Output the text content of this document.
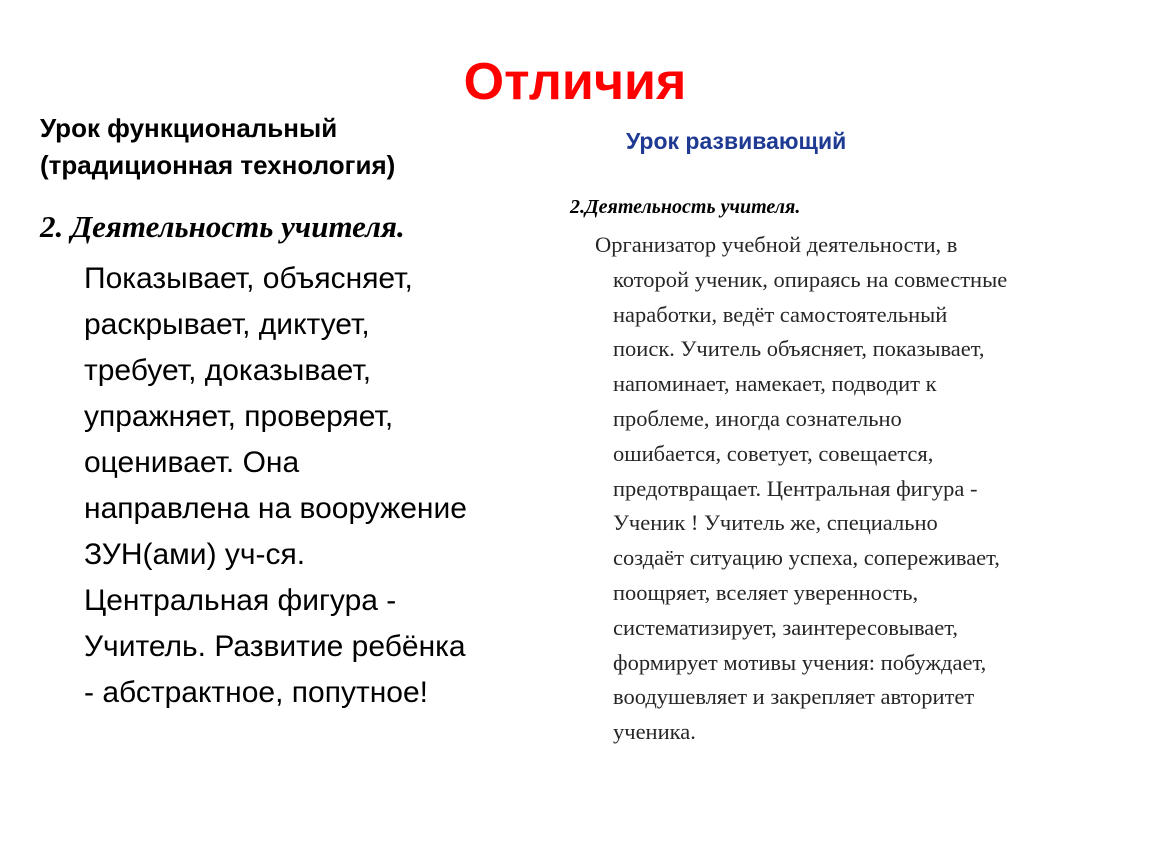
Отличия
Урок функциональный
(традиционная технология)
Урок развивающий
2. Деятельность учителя.

Показывает, объясняет,
раскрывает, диктует,
требует, доказывает,
упражняет, проверяет,
оценивает. Она
направлена на вооружение
ЗУН(ами) уч-ся.
Центральная фигура -
Учитель. Развитие ребёнка
- абстрактное, попутное!

2.Деятельность учителя.
Организатор учебной деятельности, в
которой ученик, опираясь на совместные
наработки, ведёт самостоятельный
поиск. Учитель объясняет, показывает,
напоминает, намекает, подводит к
проблеме, иногда сознательно
ошибается, советует, совещается,
предотвращает. Центральная фигура -
Ученик ! Учитель же, специально
создаёт ситуацию успеха, сопереживает,
поощряет, вселяет уверенность,
систематизирует, заинтересовывает,
формирует мотивы учения: побуждает,
воодушевляет и закрепляет авторитет
ученика.
